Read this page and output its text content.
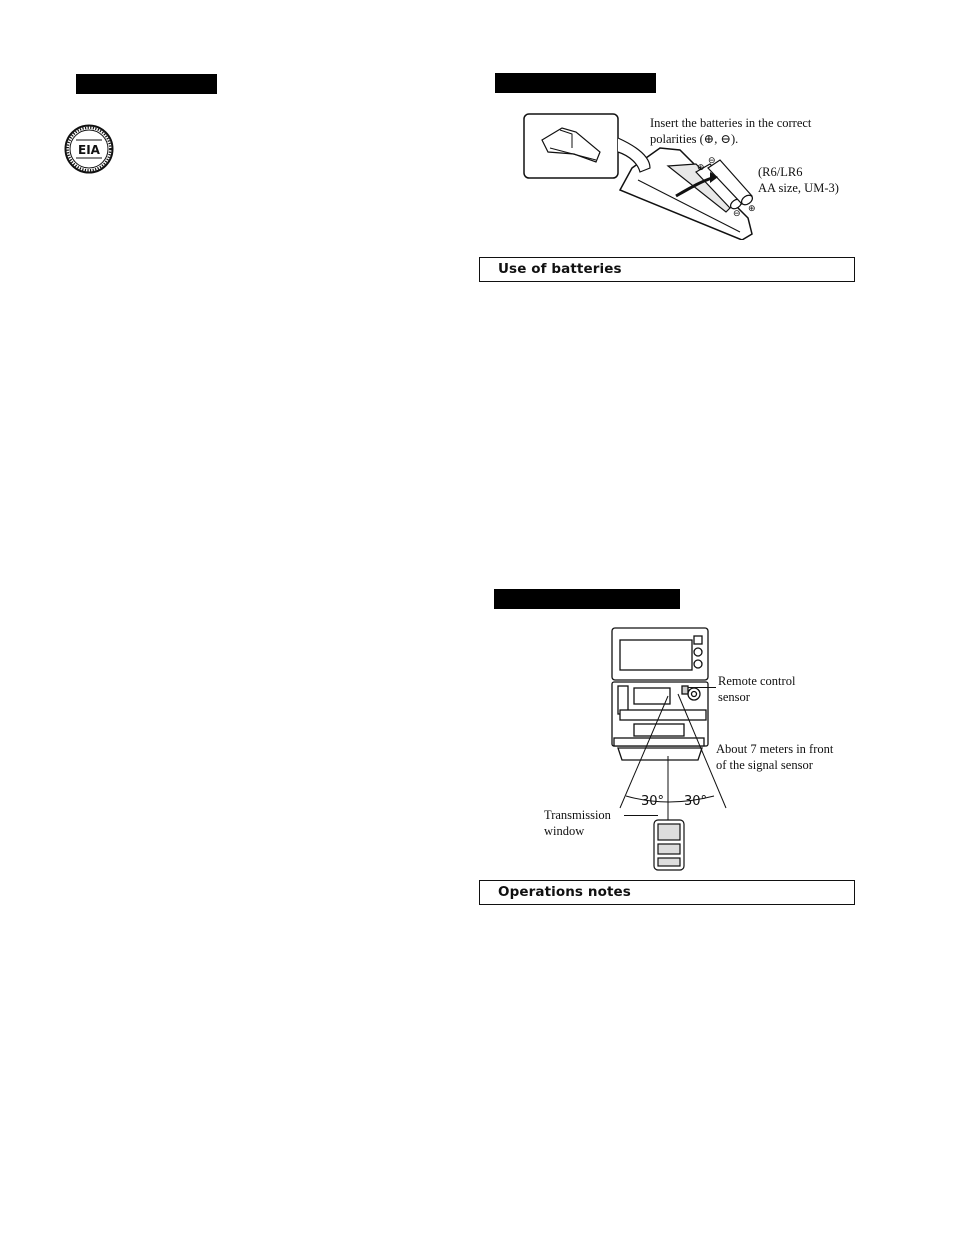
EIA
⊕
⊖
⊖ ⊕
Insert the batteries in the correct
polarities (⊕, ⊖).
(R6/LR6
AA size, UM-3)
Use of batteries
30° 30°
Remote control
sensor
About 7 meters in front
of the signal sensor
Transmission
window
Operations notes
